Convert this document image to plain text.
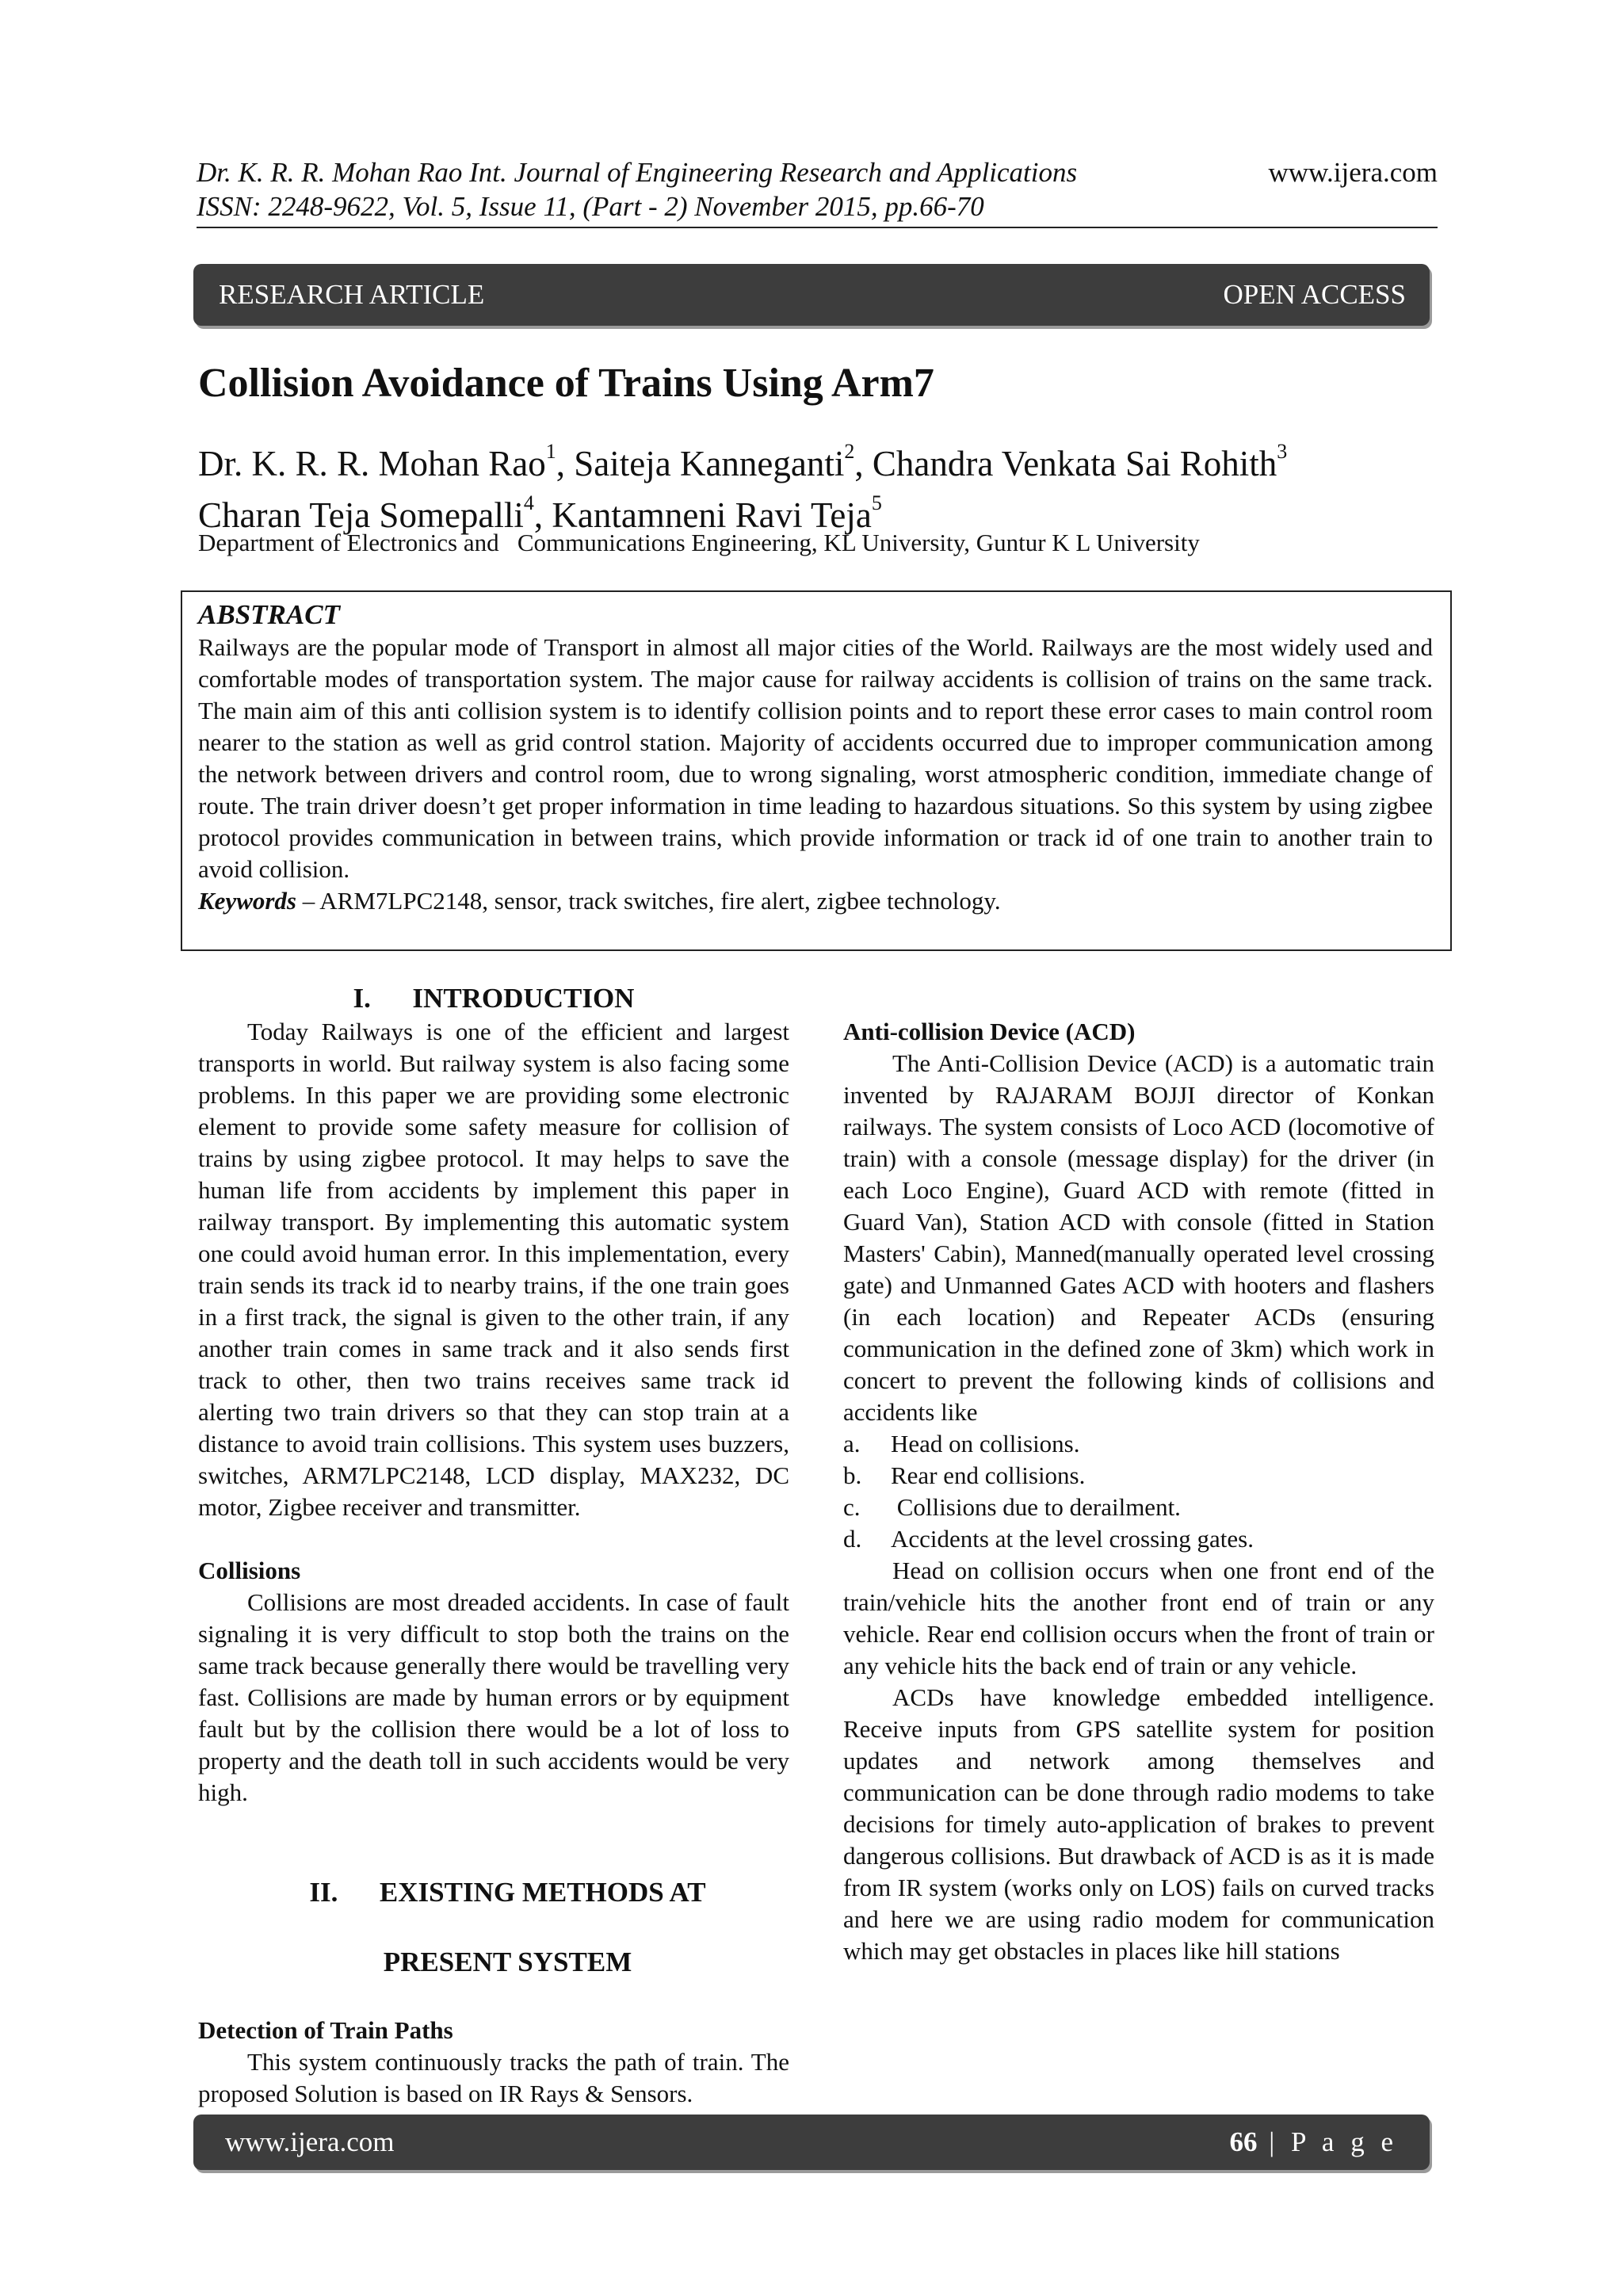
Dr. K. R. R. Mohan Rao Int. Journal of Engineering Research and Applications
ISSN: 2248-9622, Vol. 5, Issue 11, (Part - 2) November 2015, pp.66-70
www.ijera.com
RESEARCH ARTICLE	OPEN ACCESS
Collision Avoidance of Trains Using Arm7
Dr. K. R. R. Mohan Rao$^1$, Saiteja Kanneganti$^2$, Chandra Venkata Sai Rohith$^3$
Charan Teja Somepalli$^4$, Kantamneni Ravi Teja$^5$
Department of Electronics and   Communications Engineering, KL University, Guntur K L University
ABSTRACT
Railways are the popular mode of Transport in almost all major cities of the World. Railways are the most widely used and comfortable modes of transportation system. The major cause for railway accidents is collision of trains on the same track. The main aim of this anti collision system is to identify collision points and to report these error cases to main control room nearer to the station as well as grid control station. Majority of accidents occurred due to improper communication among the network between drivers and control room, due to wrong signaling, worst atmospheric condition, immediate change of route. The train driver doesn’t get proper information in time leading to hazardous situations. So this system by using zigbee protocol provides communication in between trains, which provide information or track id of one train to another train to avoid collision.
Keywords – ARM7LPC2148, sensor, track switches, fire alert, zigbee technology.
I.      INTRODUCTION

Today Railways is one of the efficient and largest transports in world. But railway system is also facing some problems. In this paper we are providing some electronic element to provide some safety measure for collision of trains by using zigbee protocol. It may helps to save the human life from accidents by implement this paper in railway transport. By implementing this automatic system one could avoid human error. In this implementation, every train sends its track id to nearby trains, if the one train goes in a first track, the signal is given to the other train, if any another train comes in same track and it also sends first track to other, then two trains receives same track id alerting two train drivers so that they can stop train at a distance to avoid train collisions. This system uses buzzers, switches, ARM7LPC2148, LCD display, MAX232, DC motor, Zigbee receiver and transmitter.

Collisions

Collisions are most dreaded accidents. In case of fault signaling it is very difficult to stop both the trains on the same track because generally there would be travelling very fast. Collisions are made by human errors or by equipment fault but by the collision there would be a lot of loss to property and the death toll in such accidents would be very high.

II.      EXISTING METHODS AT

PRESENT SYSTEM

Detection of Train Paths

This system continuously tracks the path of train. The proposed Solution is based on IR Rays & Sensors.

Anti-collision Device (ACD)

The Anti-Collision Device (ACD) is a automatic train invented by RAJARAM BOJJI director of Konkan railways. The system consists of Loco ACD (locomotive of train) with a console (message display) for the driver (in each Loco Engine), Guard ACD with remote (fitted in Guard Van), Station ACD with console (fitted in Station Masters' Cabin), Manned(manually operated level crossing gate) and Unmanned Gates ACD with hooters and flashers (in each location) and Repeater ACDs (ensuring communication in the defined zone of 3km) which work in concert to prevent the following kinds of collisions and accidents like

a.	Head on collisions.
b.	Rear end collisions.
c.	Collisions due to derailment.
d.	Accidents at the level crossing gates.

Head on collision occurs when one front end of the train/vehicle hits the another front end of train or any vehicle. Rear end collision occurs when the front of train or any vehicle hits the back end of train or any vehicle.

ACDs have knowledge embedded intelligence. Receive inputs from GPS satellite system for position updates and network among themselves and communication can be done through radio modems to take decisions for timely auto-application of brakes to prevent dangerous collisions. But drawback of ACD is as it is made from IR system (works only on LOS) fails on curved tracks and here we are using radio modem for communication which may get obstacles in places like hill stations

www.ijera.com	66 | P a g e
